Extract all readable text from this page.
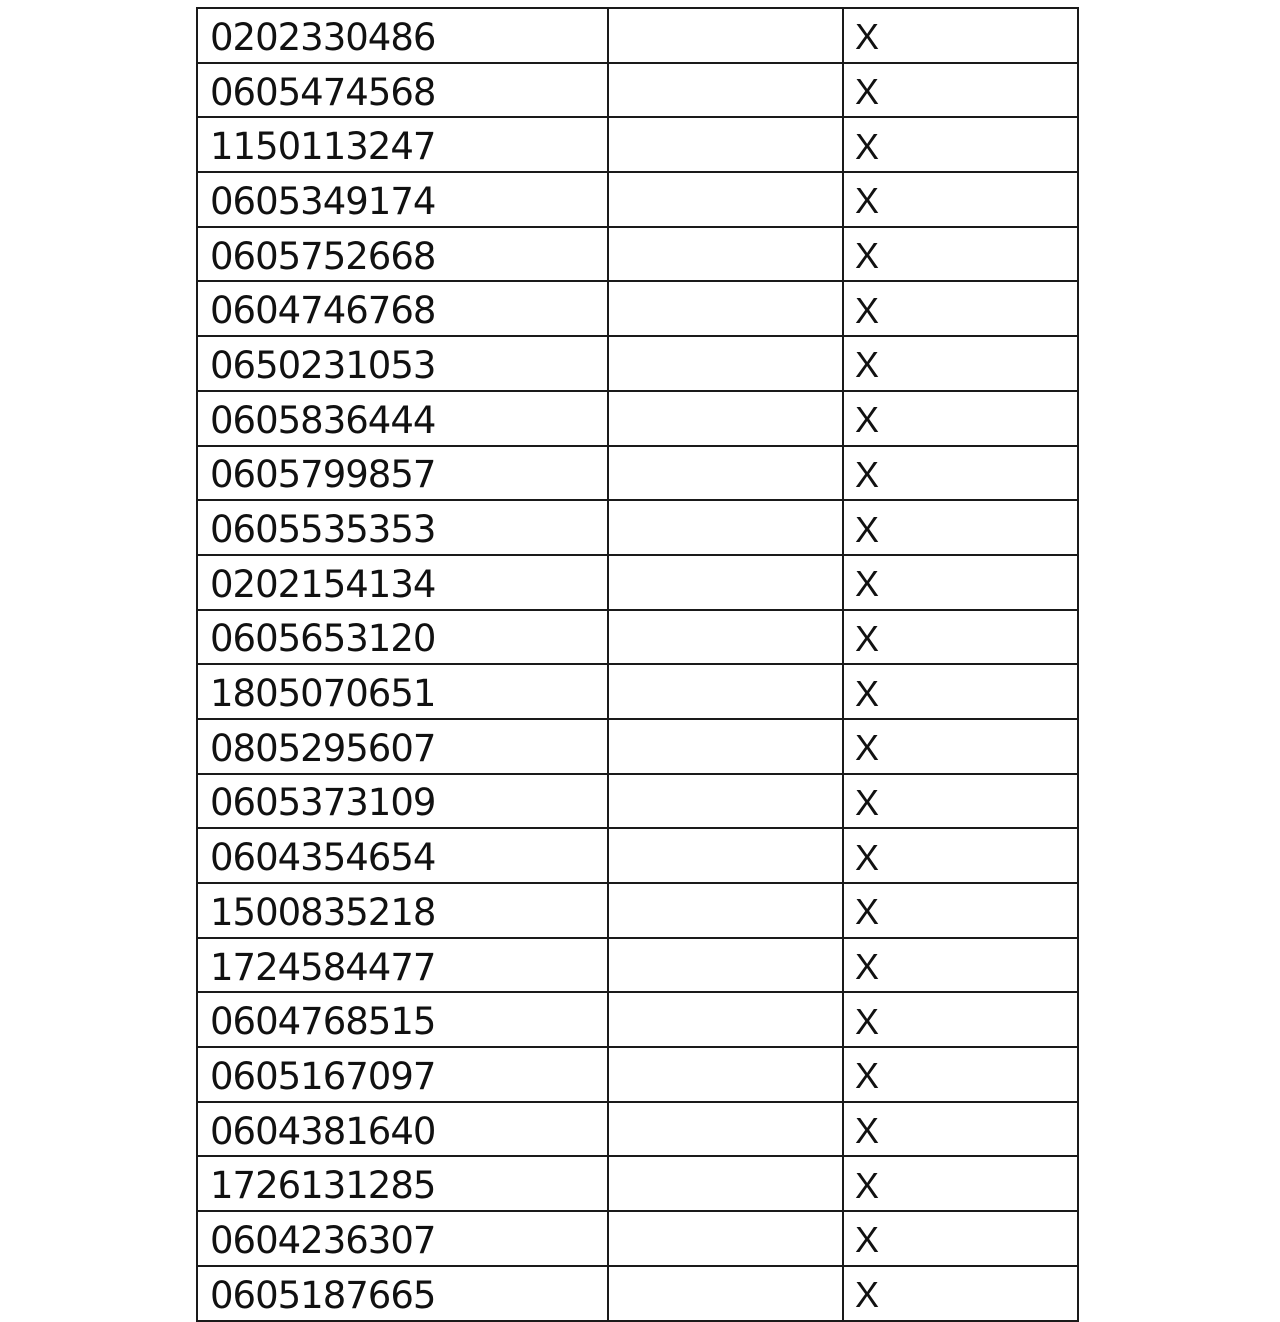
0202330486		X
0605474568		X
1150113247		X
0605349174		X
0605752668		X
0604746768		X
0650231053		X
0605836444		X
0605799857		X
0605535353		X
0202154134		X
0605653120		X
1805070651		X
0805295607		X
0605373109		X
0604354654		X
1500835218		X
1724584477		X
0604768515		X
0605167097		X
0604381640		X
1726131285		X
0604236307		X
0605187665		X
